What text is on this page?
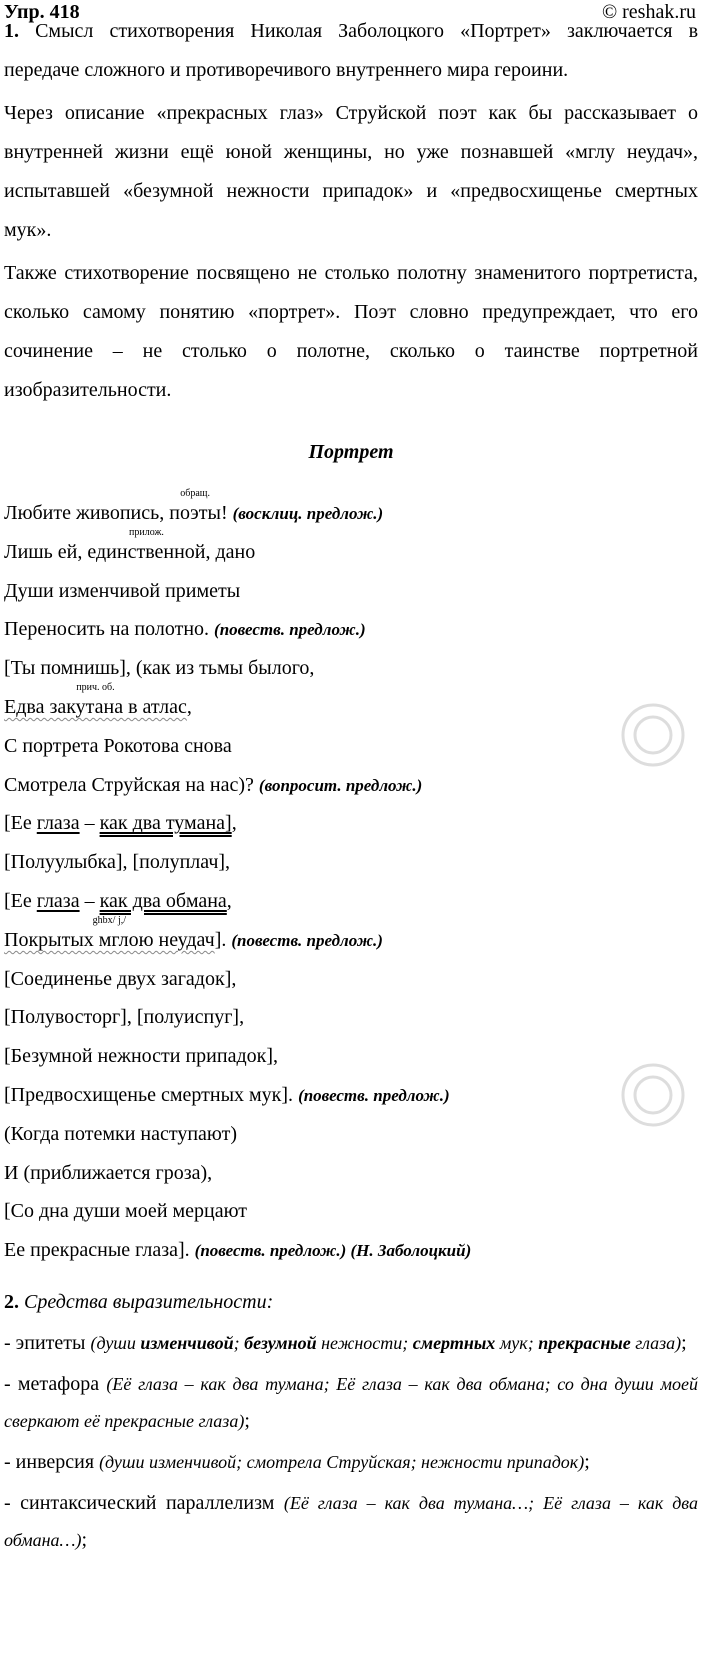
Упр. 418	© reshak.ru

1. Смысл стихотворения Николая Заболоцкого «Портрет» заключается в передаче сложного и противоречивого внутреннего мира героини.

Через описание «прекрасных глаз» Струйской поэт как бы рассказывает о внутренней жизни ещё юной женщины, но уже познавшей «мглу неудач», испытавшей «безумной нежности припадок» и «предвосхищенье смертных мук».

Также стихотворение посвящено не столько полотну знаменитого портретиста, сколько самому понятию «портрет». Поэт словно предупреждает, что его сочинение – не столько о полотне, сколько о таинстве портретной изобразительности.

Портрет
Любите живопись, поэты
обращ.
! (восклиц. предлож.)
Лишь ей, единственной
прилож.
, дано
Души изменчивой приметы
Переносить на полотно. (повеств. предлож.)
[Ты помнишь], (как из тьмы былого,
Едва закутана в атлас
прич. об.
,
С портрета Рокотова снова
Смотрела Струйская на нас)? (вопросит. предлож.)
[Ее глаза – как два тумана],
[Полуулыбка], [полуплач],
[Ее глаза – как два обмана,
Покрытых мглою неудач
ghbx/ j,/
]. (повеств. предлож.)
[Соединенье двух загадок],
[Полувосторг], [полуиспуг],
[Безумной нежности припадок],
[Предвосхищенье смертных мук]. (повеств. предлож.)
(Когда потемки наступают)
И (приближается гроза),
[Со дна души моей мерцают
Ее прекрасные глаза]. (повеств. предлож.) (Н. Заболоцкий)

2. Средства выразительности:

- эпитеты (души изменчивой; безумной нежности; смертных мук; прекрасные глаза);

- метафора (Её глаза – как два тумана; Её глаза – как два обмана; со дна души моей сверкают её прекрасные глаза);

- инверсия (души изменчивой; смотрела Струйская; нежности припадок);

- синтаксический параллелизм (Её глаза – как два тумана…; Её глаза – как два обмана…);
